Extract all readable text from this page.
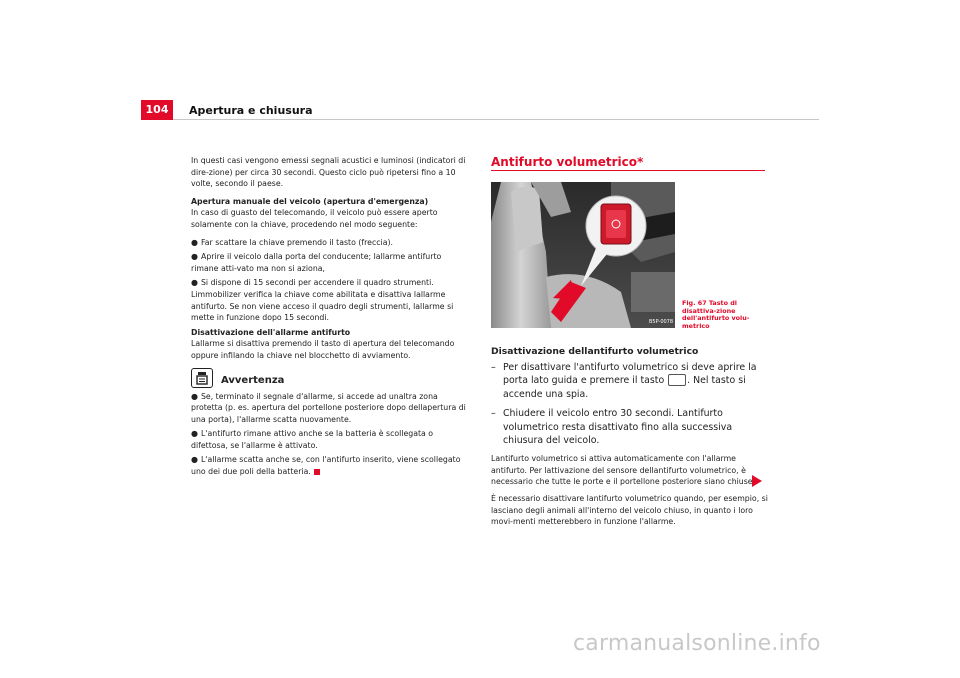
104	Apertura e chiusura

In questi casi vengono emessi segnali acustici e luminosi (indicatori di dire-zione) per circa 30 secondi. Questo ciclo può ripetersi fino a 10 volte, secondo il paese.

Apertura manuale del veicolo (apertura d'emergenza)

In caso di guasto del telecomando, il veicolo può essere aperto solamente con la chiave, procedendo nel modo seguente:

● Far scattare la chiave premendo il tasto (freccia).
● Aprire il veicolo dalla porta del conducente; lallarme antifurto rimane atti-vato ma non si aziona,
● Si dispone di 15 secondi per accendere il quadro strumenti. Limmobilizer verifica la chiave come abilitata e disattiva lallarme antifurto. Se non viene acceso il quadro degli strumenti, lallarme si mette in funzione dopo 15 secondi.

Disattivazione dell'allarme antifurto

Lallarme si disattiva premendo il tasto di apertura del telecomando oppure infilando la chiave nel blocchetto di avviamento.

Avvertenza
● Se, terminato il segnale d'allarme, si accede ad unaltra zona protetta (p. es. apertura del portellone posteriore dopo dellapertura di una porta), l'allarme scatta nuovamente.
● L'antifurto rimane attivo anche se la batteria è scollegata o difettosa, se l'allarme è attivato.
● L'allarme scatta anche se, con l'antifurto inserito, viene scollegato uno dei due poli della batteria.
Antifurto volumetrico*
B5P-0078
Fig. 67 Tasto di disattiva-zione dell'antifurto volu-metrico
Disattivazione dellantifurto volumetrico
– Per disattivare l'antifurto volumetrico si deve aprire la porta lato guida e premere il tasto . Nel tasto si accende una spia.
– Chiudere il veicolo entro 30 secondi. Lantifurto volumetrico resta disattivato fino alla successiva chiusura del veicolo.

Lantifurto volumetrico si attiva automaticamente con l'allarme antifurto. Per lattivazione del sensore dellantifurto volumetrico, è necessario che tutte le porte e il portellone posteriore siano chiuse.

È necessario disattivare lantifurto volumetrico quando, per esempio, si lasciano degli animali all'interno del veicolo chiuso, in quanto i loro movi-menti metterebbero in funzione l'allarme.

carmanualsonline.info
